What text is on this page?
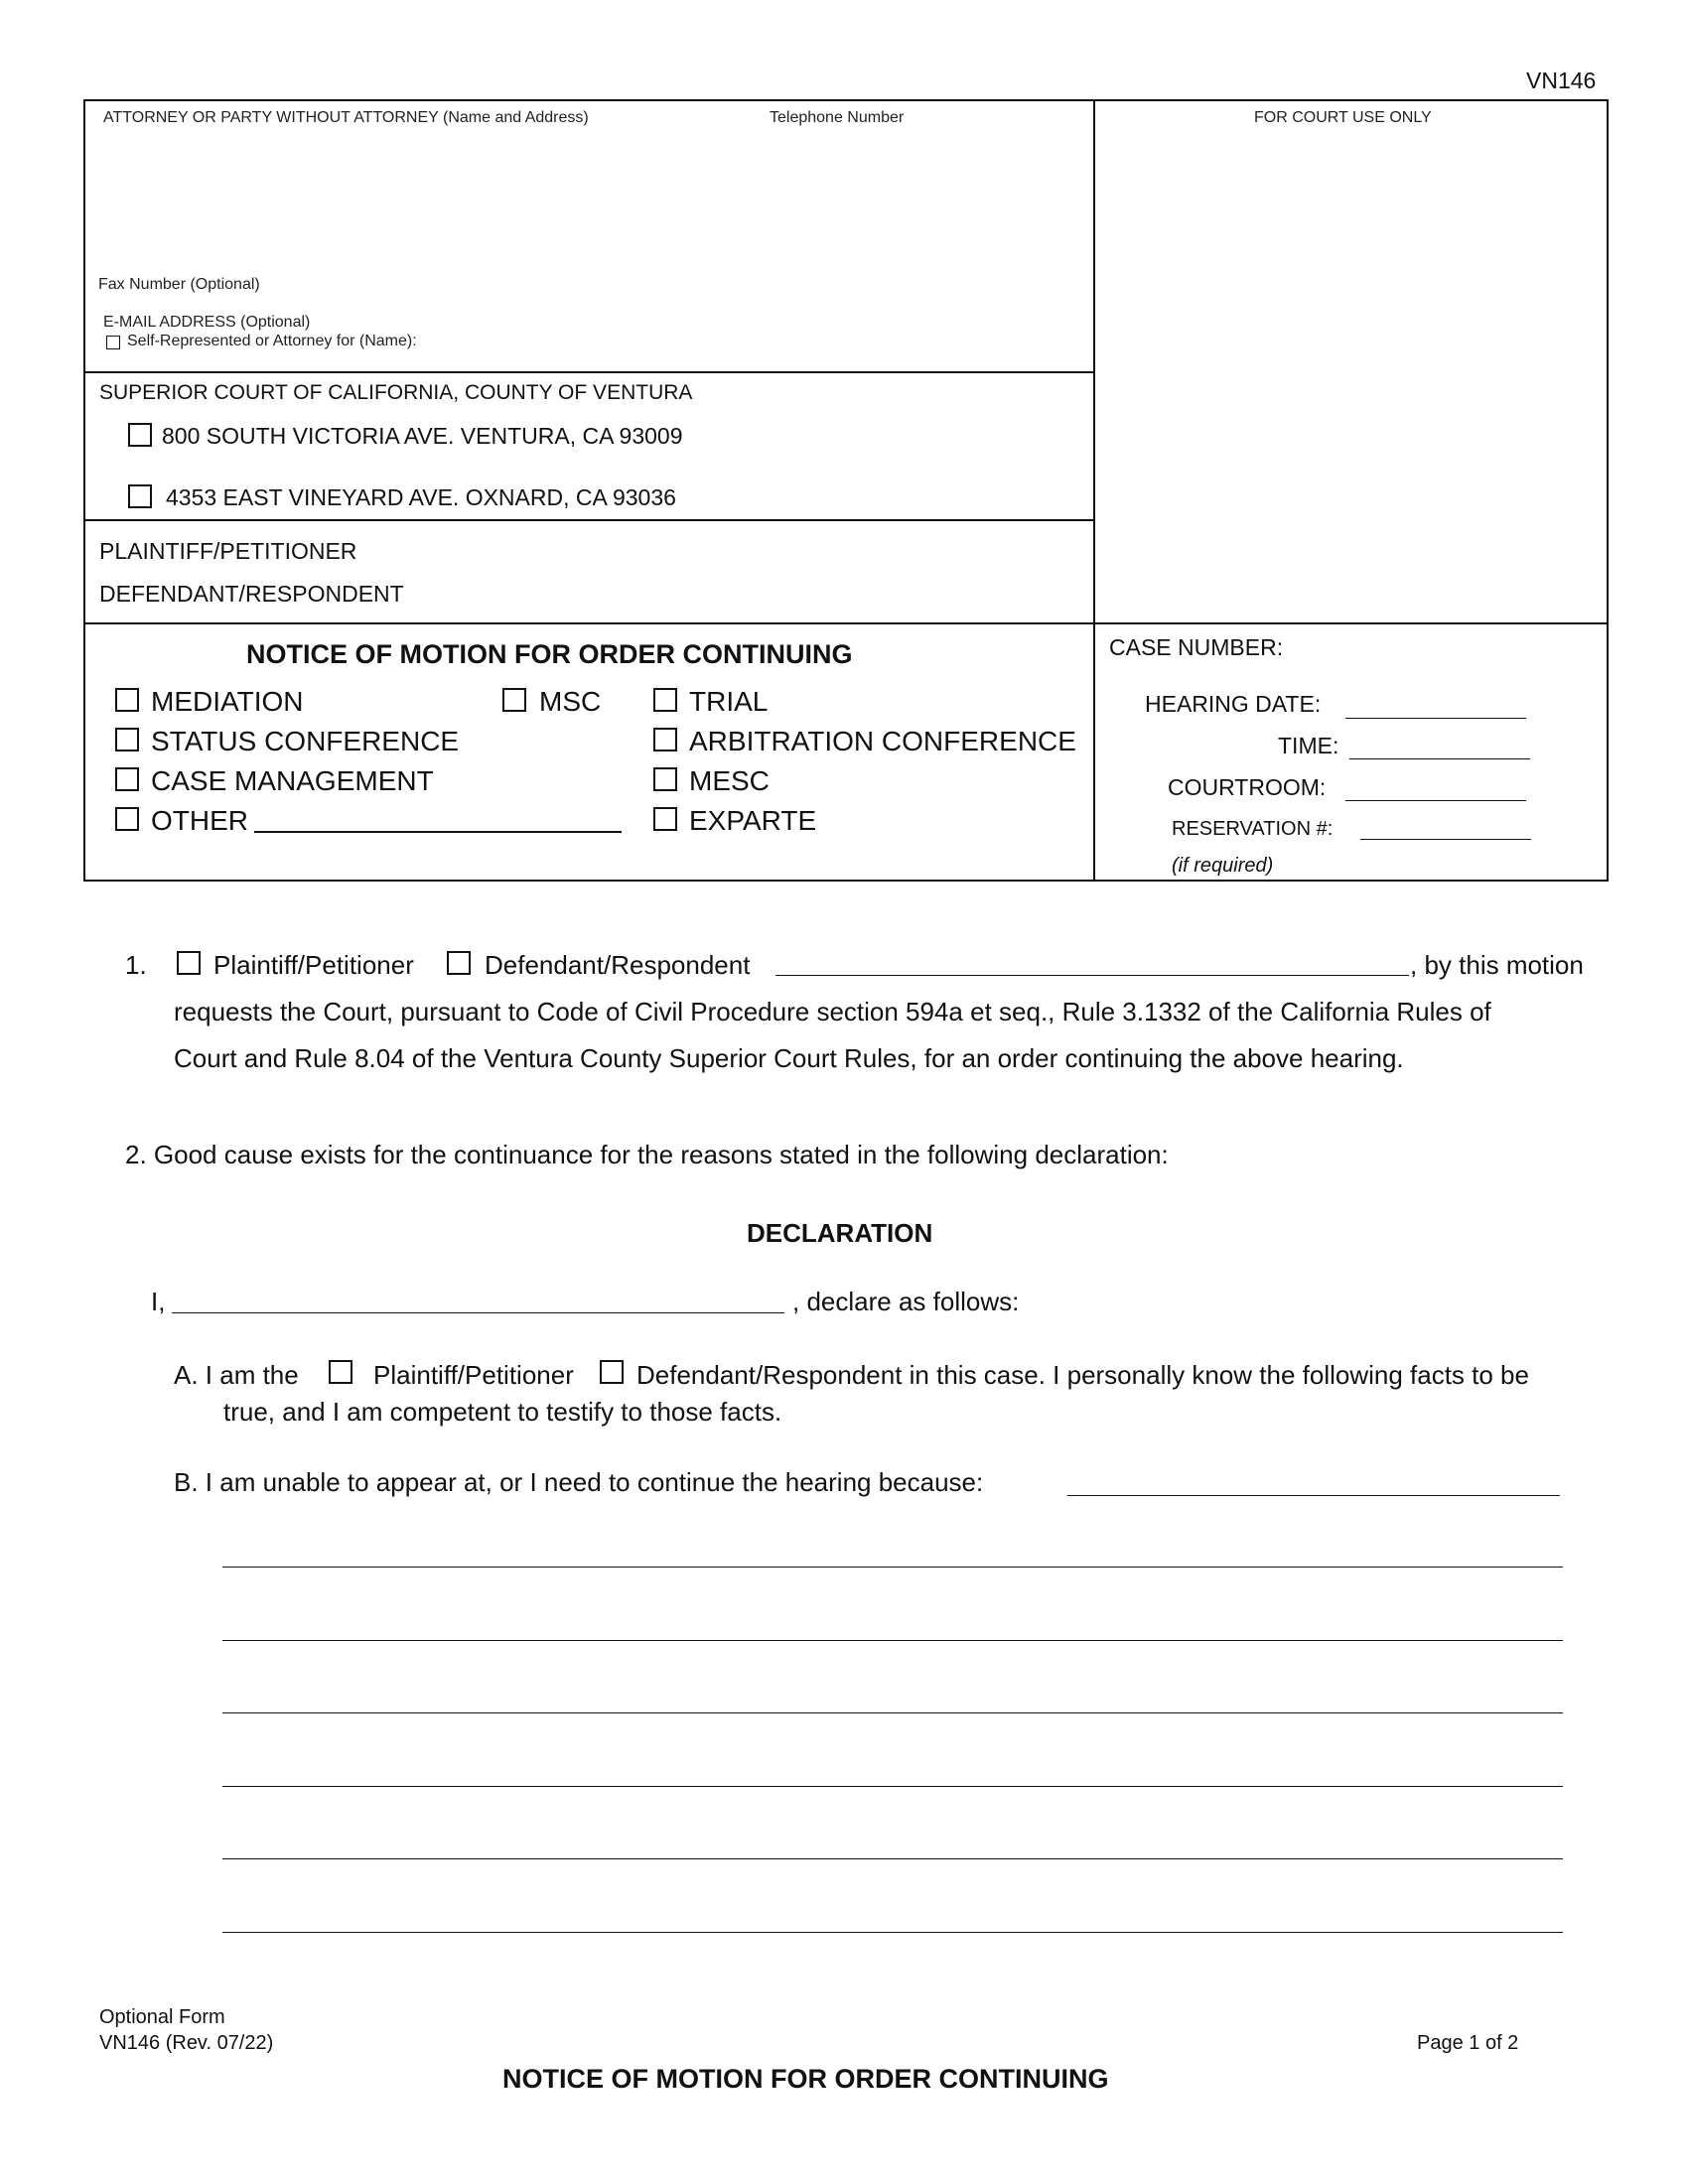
VN146
ATTORNEY OR PARTY WITHOUT ATTORNEY (Name and Address)	Telephone Number	FOR COURT USE ONLY
Fax Number (Optional)
E-MAIL ADDRESS (Optional)
Self-Represented or Attorney for (Name):
SUPERIOR COURT OF CALIFORNIA, COUNTY OF VENTURA
800 SOUTH VICTORIA AVE. VENTURA, CA 93009
4353 EAST VINEYARD AVE. OXNARD, CA 93036
PLAINTIFF/PETITIONER
DEFENDANT/RESPONDENT
NOTICE OF MOTION FOR ORDER CONTINUING
MEDIATION	MSC	TRIAL
STATUS CONFERENCE	ARBITRATION CONFERENCE
CASE MANAGEMENT	MESC
OTHER	EXPARTE
CASE NUMBER:
HEARING DATE:
TIME:
COURTROOM:
RESERVATION #:
(if required)
1.	Plaintiff/Petitioner	Defendant/Respondent	, by this motion
requests the Court, pursuant to Code of Civil Procedure section 594a et seq., Rule 3.1332 of the California Rules of
Court and Rule 8.04 of the Ventura County Superior Court Rules, for an order continuing the above hearing.
2. Good cause exists for the continuance for the reasons stated in the following declaration:
DECLARATION
I,	, declare as follows:
A. I am the	Plaintiff/Petitioner Defendant/Respondent in this case. I personally know the following facts to be
true, and I am competent to testify to those facts.
B. I am unable to appear at, or I need to continue the hearing because:
Optional Form
VN146 (Rev. 07/22)	Page 1 of 2
NOTICE OF MOTION FOR ORDER CONTINUING
